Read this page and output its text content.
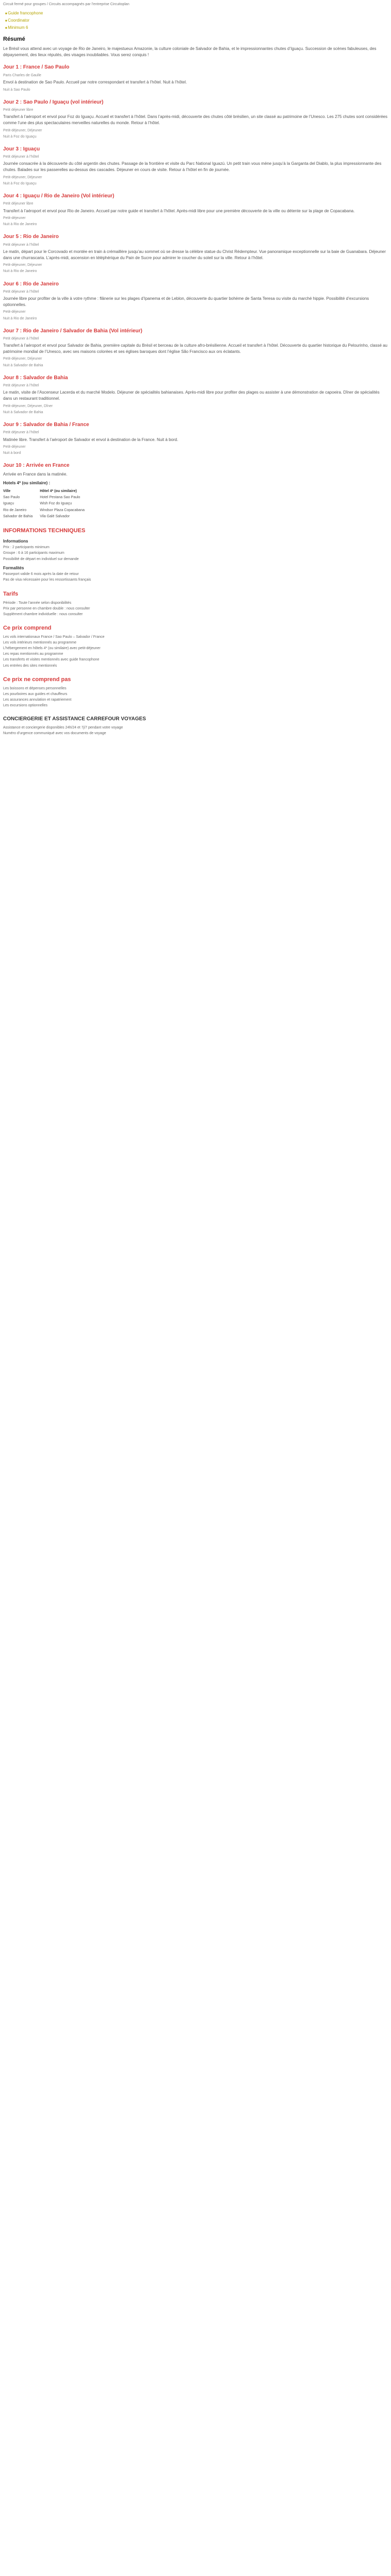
Circuit fermé pour groupes / Circuits accompagnés par l’entreprise Circuitoplan
■ Guide francophone
■ Coordinator
■ Minimum 6
Résumé

Le Brésil vous attend avec un voyage de Rio de Janeiro, le majestueux Amazonie, la culture coloniale de Salvador de Bahia, et le impressionnantes chutes d’Iguaçu. Succession de scènes fabuleuses, des dépaysement, des lieux réputés, des visages inoubliables. Vous serez conquis !

Jour 1 : France / Sao Paulo
Paris Charles de Gaulle

Envol à destination de Sao Paulo. Accueil par notre correspondant et transfert à l’hôtel. Nuit à l’hôtel.

Nuit à Sao Paulo
Jour 2 : Sao Paulo / Iguaçu (vol intérieur)
Petit déjeuner libre

Transfert à l’aéroport et envol pour Foz do Iguaçu. Accueil et transfert à l’hôtel. Dans l’après-midi, découverte des chutes côté brésilien, un site classé au patrimoine de l’Unesco. Les 275 chutes sont considérées comme l’une des plus spectaculaires merveilles naturelles du monde. Retour à l’hôtel.

Petit-déjeuner, Déjeuner
Nuit à Foz do Iguaçu
Jour 3 : Iguaçu
Petit déjeuner à l’hôtel

Journée consacrée à la découverte du côté argentin des chutes. Passage de la frontière et visite du Parc National Iguazú. Un petit train vous mène jusqu’à la Garganta del Diablo, la plus impressionnante des chutes. Balades sur les passerelles au-dessus des cascades. Déjeuner en cours de visite. Retour à l’hôtel en fin de journée.

Petit-déjeuner, Déjeuner
Nuit à Foz do Iguaçu
Jour 4 : Iguaçu / Rio de Janeiro (Vol intérieur)
Petit déjeuner libre

Transfert à l’aéroport et envol pour Rio de Janeiro. Accueil par notre guide et transfert à l’hôtel. Après-midi libre pour une première découverte de la ville ou détente sur la plage de Copacabana.

Petit-déjeuner
Nuit à Rio de Janeiro
Jour 5 : Rio de Janeiro
Petit déjeuner à l’hôtel

Le matin, départ pour le Corcovado et montée en train à crémaillère jusqu’au sommet où se dresse la célèbre statue du Christ Rédempteur. Vue panoramique exceptionnelle sur la baie de Guanabara. Déjeuner dans une churrascaria. L’après-midi, ascension en téléphérique du Pain de Sucre pour admirer le coucher du soleil sur la ville. Retour à l’hôtel.

Petit-déjeuner, Déjeuner
Nuit à Rio de Janeiro
Jour 6 : Rio de Janeiro
Petit déjeuner à l’hôtel

Journée libre pour profiter de la ville à votre rythme : flânerie sur les plages d’Ipanema et de Leblon, découverte du quartier bohème de Santa Teresa ou visite du marché hippie. Possibilité d’excursions optionnelles.

Petit-déjeuner
Nuit à Rio de Janeiro
Jour 7 : Rio de Janeiro / Salvador de Bahia (Vol intérieur)
Petit déjeuner à l’hôtel

Transfert à l’aéroport et envol pour Salvador de Bahia, première capitale du Brésil et berceau de la culture afro-brésilienne. Accueil et transfert à l’hôtel. Découverte du quartier historique du Pelourinho, classé au patrimoine mondial de l’Unesco, avec ses maisons colorées et ses églises baroques dont l’église São Francisco aux ors éclatants.

Petit-déjeuner, Déjeuner
Nuit à Salvador de Bahia
Jour 8 : Salvador de Bahia
Petit déjeuner à l’hôtel

Le matin, visite de l’Ascenseur Lacerda et du marché Modelo. Déjeuner de spécialités bahianaises. Après-midi libre pour profiter des plages ou assister à une démonstration de capoeira. Dîner de spécialités dans un restaurant traditionnel.

Petit-déjeuner, Déjeuner, Dîner
Nuit à Salvador de Bahia
Jour 9 : Salvador de Bahia / France
Petit déjeuner à l’hôtel

Matinée libre. Transfert à l’aéroport de Salvador et envol à destination de la France. Nuit à bord.

Petit-déjeuner
Nuit à bord
Jour 10 : Arrivée en France

Arrivée en France dans la matinée.

Hotels 4* (ou similaire) :
Ville	Hôtel 4* (ou similaire)
Sao Paulo	Hotel Pestana Sao Paulo
Iguaçu	Wish Foz do Iguaçu
Rio de Janeiro	Windsor Plaza Copacabana
Salvador de Bahia	Vila Galé Salvador
INFORMATIONS TECHNIQUES
Informations
Prix : 2 participants minimum
Groupe : 6 à 16 participants maximum
Possibilité de départ en individuel sur demande
Formalités
Passeport valide 6 mois après la date de retour
Pas de visa nécessaire pour les ressortissants français
Tarifs
Période : Toute l’année selon disponibilités
Prix par personne en chambre double : nous consulter
Supplément chambre individuelle : nous consulter
Ce prix comprend
Les vols internationaux France / Sao Paulo – Salvador / France
Les vols intérieurs mentionnés au programme
L’hébergement en hôtels 4* (ou similaire) avec petit-déjeuner
Les repas mentionnés au programme
Les transferts et visites mentionnés avec guide francophone
Les entrées des sites mentionnés
Ce prix ne comprend pas
Les boissons et dépenses personnelles
Les pourboires aux guides et chauffeurs
Les assurances annulation et rapatriement
Les excursions optionnelles
CONCIERGERIE ET ASSISTANCE CARREFOUR VOYAGES
Assistance et conciergerie disponibles 24h/24 et 7j/7 pendant votre voyage
Numéro d’urgence communiqué avec vos documents de voyage
